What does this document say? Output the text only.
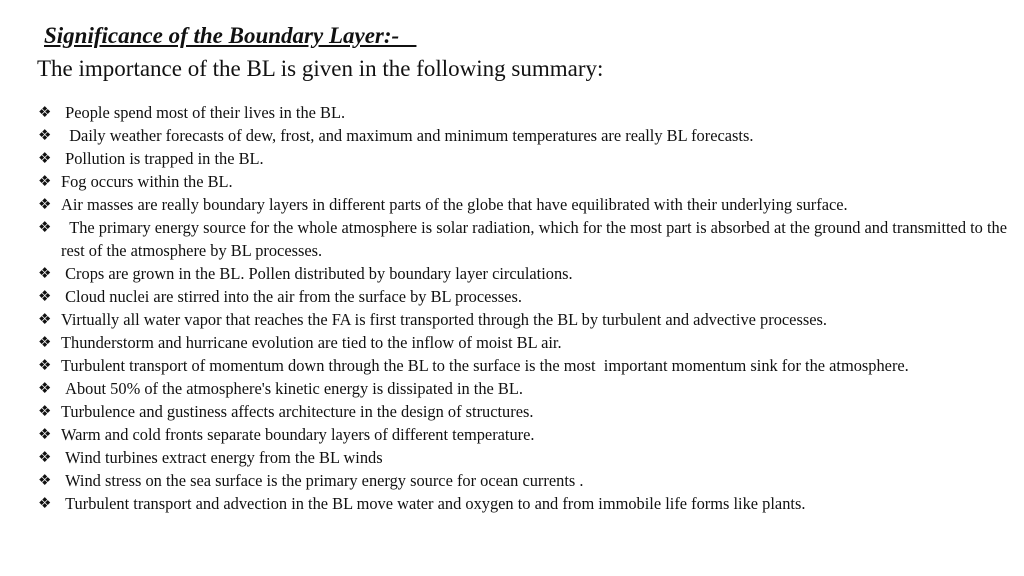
Significance of the Boundary Layer:-
The importance of the BL is given in the following summary:
❖ People spend most of their lives in the BL.
❖ Daily weather forecasts of dew, frost, and maximum and minimum temperatures are really BL forecasts.
❖ Pollution is trapped in the BL.
❖ Fog occurs within the BL.
❖ Air masses are really boundary layers in different parts of the globe that have equilibrated with their underlying surface.
❖ The primary energy source for the whole atmosphere is solar radiation, which for the most part is absorbed at the ground and transmitted to the rest of the atmosphere by BL processes.
❖ Crops are grown in the BL. Pollen distributed by boundary layer circulations.
❖ Cloud nuclei are stirred into the air from the surface by BL processes.
❖ Virtually all water vapor that reaches the FA is first transported through the BL by turbulent and advective processes.
❖ Thunderstorm and hurricane evolution are tied to the inflow of moist BL air.
❖ Turbulent transport of momentum down through the BL to the surface is the most  important momentum sink for the atmosphere.
❖ About 50% of the atmosphere's kinetic energy is dissipated in the BL.
❖ Turbulence and gustiness affects architecture in the design of structures.
❖ Warm and cold fronts separate boundary layers of different temperature.
❖ Wind turbines extract energy from the BL winds
❖ Wind stress on the sea surface is the primary energy source for ocean currents .
❖ Turbulent transport and advection in the BL move water and oxygen to and from immobile life forms like plants.
